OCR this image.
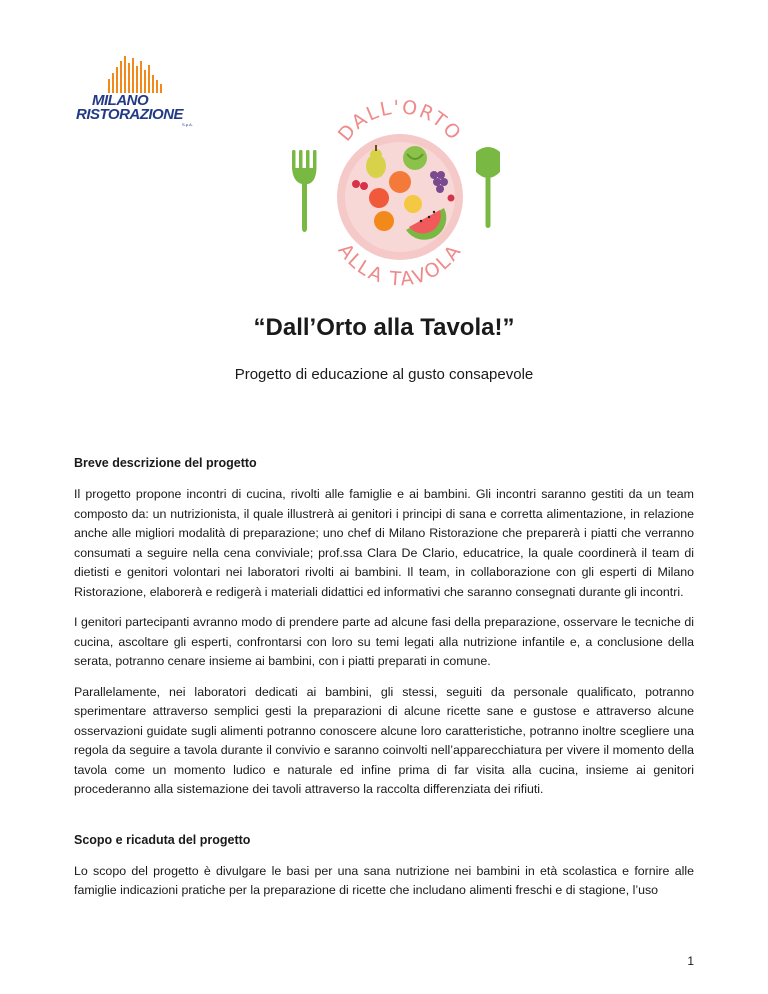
MILANO
RISTORAZIONE
S.p.A.	DALL'ORTO
ALLA TAVOLA
“Dall’Orto alla Tavola!”

Progetto di educazione al gusto consapevole

Breve descrizione del progetto

Il progetto propone incontri di cucina, rivolti alle famiglie e ai bambini. Gli incontri saranno gestiti da un team composto da: un nutrizionista, il quale illustrerà ai genitori i principi di sana e corretta alimentazione, in relazione anche alle migliori modalità di preparazione; uno chef di Milano Ristorazione che preparerà i piatti che verranno consumati a seguire nella cena conviviale; prof.ssa Clara De Clario, educatrice, la quale coordinerà il team di dietisti e genitori volontari nei laboratori rivolti ai bambini. Il team, in collaborazione con gli esperti di Milano Ristorazione, elaborerà e redigerà i materiali didattici ed informativi che saranno consegnati durante gli incontri.

I genitori partecipanti avranno modo di prendere parte ad alcune fasi della preparazione, osservare le tecniche di cucina, ascoltare gli esperti, confrontarsi con loro su temi legati alla nutrizione infantile e, a conclusione della serata, potranno cenare insieme ai bambini, con i piatti preparati in comune.

Parallelamente, nei laboratori dedicati ai bambini, gli stessi, seguiti da personale qualificato, potranno sperimentare attraverso semplici gesti la preparazioni di alcune ricette sane e gustose e attraverso alcune osservazioni guidate sugli alimenti potranno conoscere alcune loro caratteristiche, potranno inoltre scegliere una regola da seguire a tavola durante il convivio e saranno coinvolti nell’apparecchiatura per vivere il momento della tavola come un momento ludico e naturale ed infine prima di far visita alla cucina, insieme ai genitori procederanno alla sistemazione dei tavoli attraverso la raccolta differenziata dei rifiuti.

Scopo e ricaduta del progetto

Lo scopo del progetto è divulgare le basi per una sana nutrizione nei bambini in età scolastica e fornire alle famiglie indicazioni pratiche per la preparazione di ricette che includano alimenti freschi e di stagione, l’uso

1
